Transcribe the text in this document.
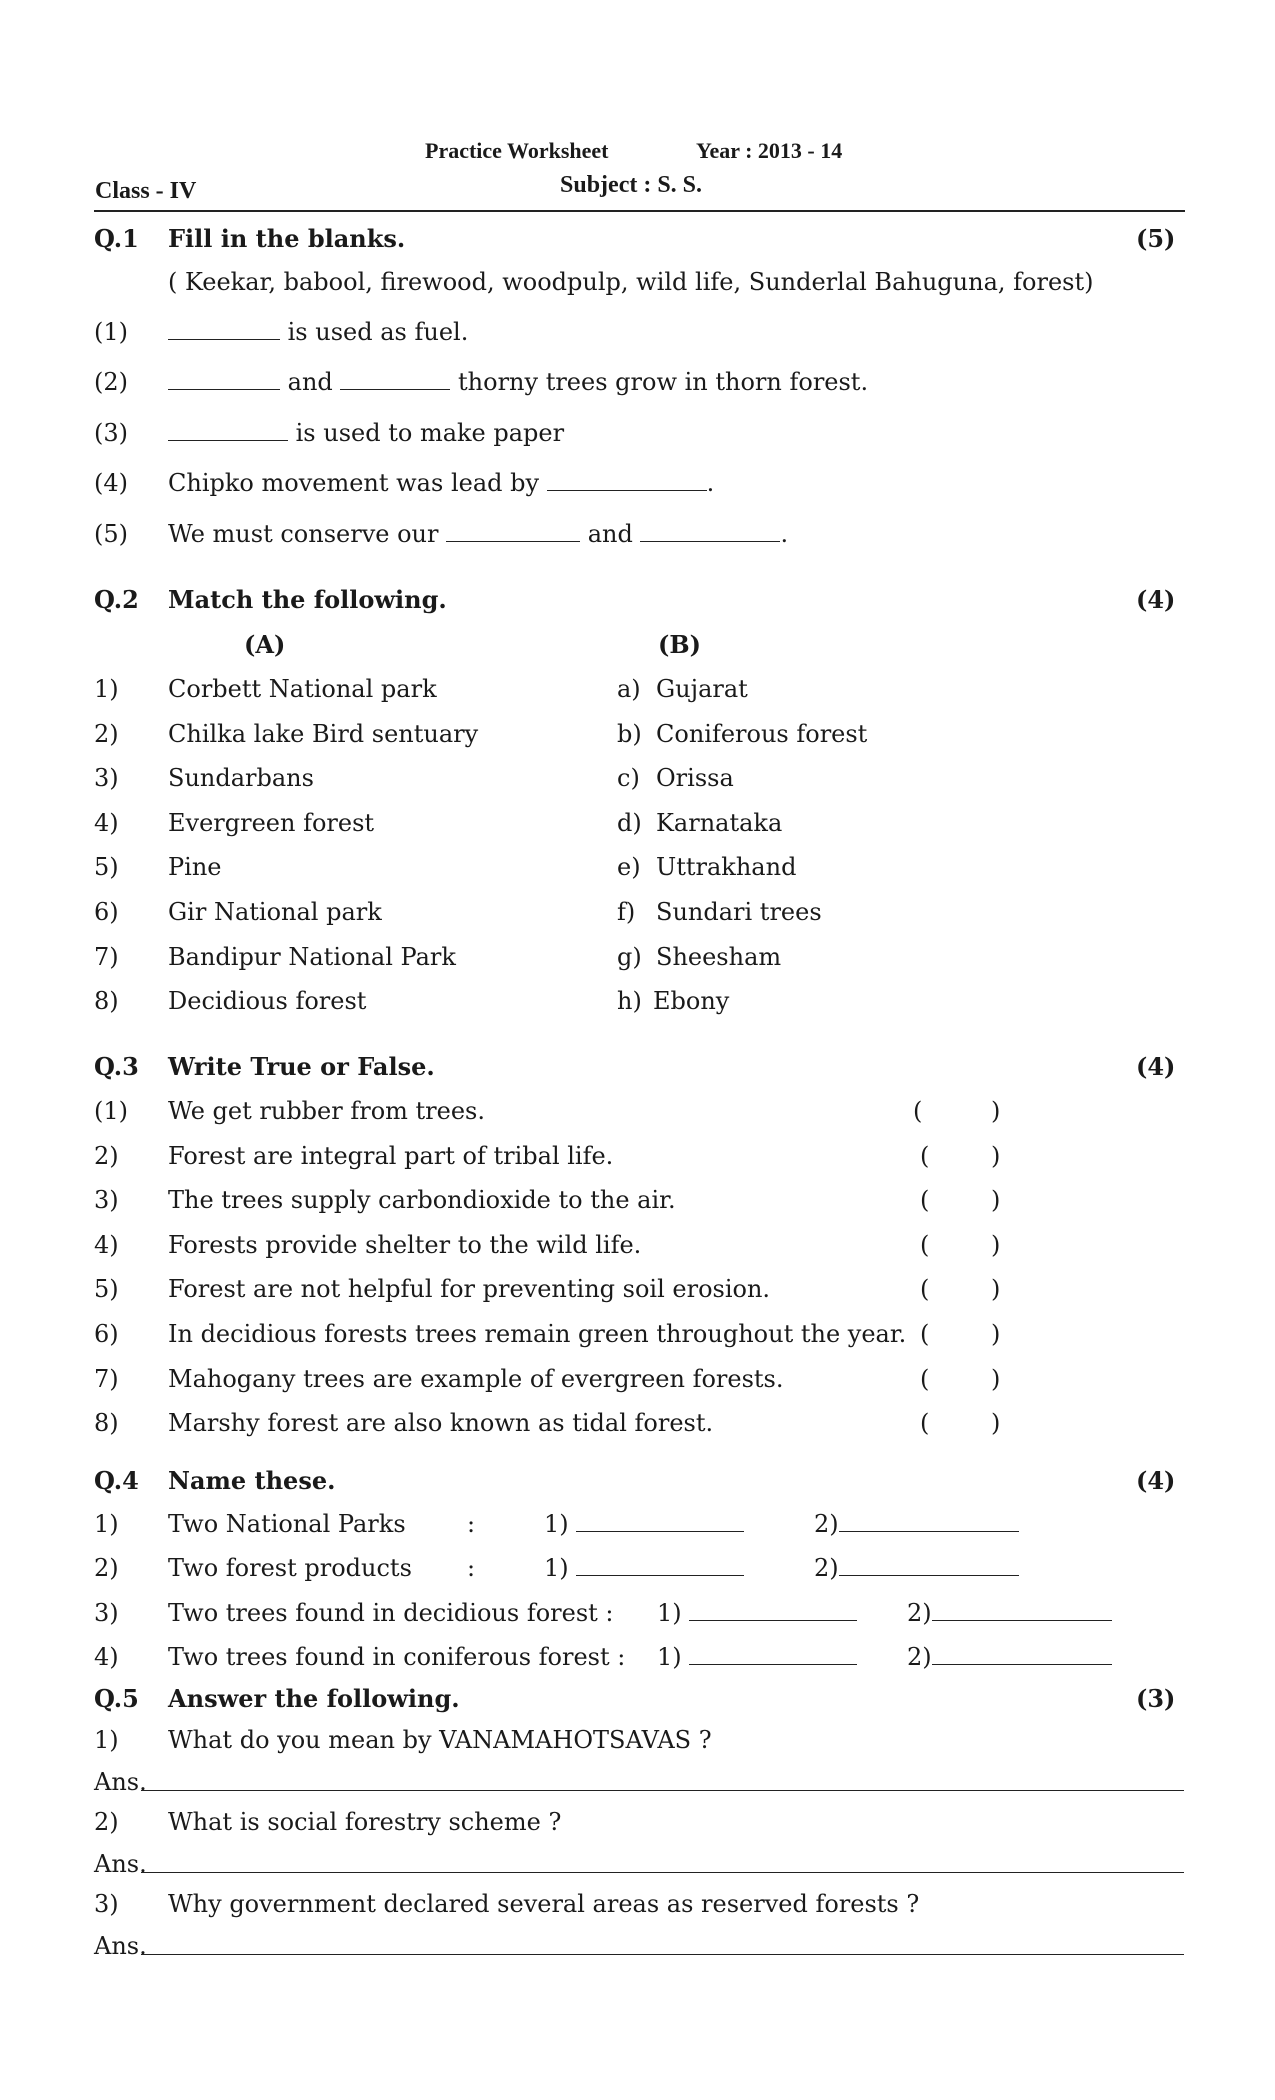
Practice Worksheet	Year : 2013 - 14
Class - IV	Subject : S. S.
Q.1 Fill in the blanks.	(5)
( Keekar, babool, firewood, woodpulp, wild life, Sunderlal Bahuguna, forest)
(1)	is used as fuel.
(2)	and	thorny trees grow in thorn forest.
(3)	is used to make paper
(4) Chipko movement was lead by	.
(5) We must conserve our	and	.
Q.2 Match the following.	(4)
(A)	(B)
1) Corbett National park	a) Gujarat
2) Chilka lake Bird sentuary	b) Coniferous forest
3) Sundarbans	c) Orissa
4) Evergreen forest	d) Karnataka
5) Pine	e) Uttrakhand
6) Gir National park	f) Sundari trees
7) Bandipur National Park	g) Sheesham
8) Decidious forest	h) Ebony
Q.3 Write True or False.	(4)
(1) We get rubber from trees.	(	)
2) Forest are integral part of tribal life.	(	)
3) The trees supply carbondioxide to the air.	(	)
4) Forests provide shelter to the wild life.	(	)
5) Forest are not helpful for preventing soil erosion.	(	)
6) In decidious forests trees remain green throughout the year. (	)
7) Mahogany trees are example of evergreen forests.	(	)
8) Marshy forest are also known as tidal forest.	(	)
Q.4 Name these.	(4)
1) Two National Parks	:	1)	2)
2) Two forest products :	1)	2)
3) Two trees found in decidious forest : 1)	2)
4) Two trees found in coniferous forest : 1)	2)
Q.5 Answer the following.	(3)
1) What do you mean by VANAMAHOTSAVAS ?
Ans.
2) What is social forestry scheme ?
Ans.
3) Why government declared several areas as reserved forests ?
Ans.
